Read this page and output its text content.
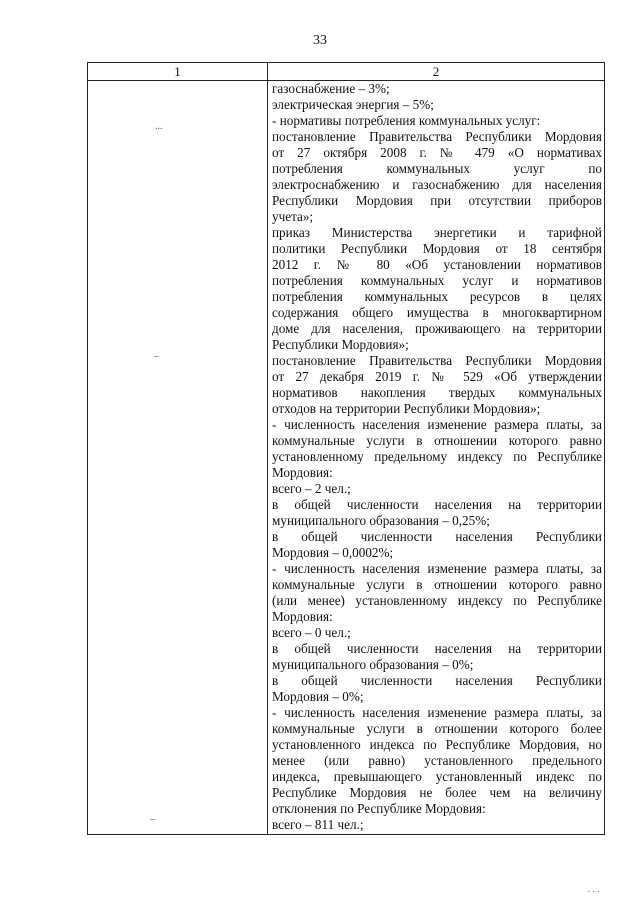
33
1	2
газоснабжение – 3%;
электрическая энергия – 5%;
- нормативы потребления коммунальных услуг:
постановление Правительства Республики Мордовия
от 27 октября 2008 г. № 479 «О нормативах
потребления коммунальных услуг по
электроснабжению и газоснабжению для населения
Республики Мордовия при отсутствии приборов
учета»;
приказ Министерства энергетики и тарифной
политики Республики Мордовия от 18 сентября
2012 г. № 80 «Об установлении нормативов
потребления коммунальных услуг и нормативов
потребления коммунальных ресурсов в целях
содержания общего имущества в многоквартирном
доме для населения, проживающего на территории
Республики Мордовия»;
постановление Правительства Республики Мордовия
от 27 декабря 2019 г. № 529 «Об утверждении
нормативов накопления твердых коммунальных
отходов на территории Республики Мордовия»;
- численность населения изменение размера платы, за
коммунальные услуги в отношении которого равно
установленному предельному индексу по Республике
Мордовия:
всего – 2 чел.;
в общей численности населения на территории
муниципального образования – 0,25%;
в общей численности населения Республики
Мордовия – 0,0002%;
- численность населения изменение размера платы, за
коммунальные услуги в отношении которого равно
(или менее) установленному индексу по Республике
Мордовия:
всего – 0 чел.;
в общей численности населения на территории
муниципального образования – 0%;
в общей численности населения Республики
Мордовия – 0%;
- численность населения изменение размера платы, за
коммунальные услуги в отношении которого более
установленного индекса по Республике Мордовия, но
менее (или равно) установленного предельного
индекса, превышающего установленный индекс по
Республике Мордовия не более чем на величину
отклонения по Республике Мордовия:
всего – 811 чел.;
...
–
–
. . .
